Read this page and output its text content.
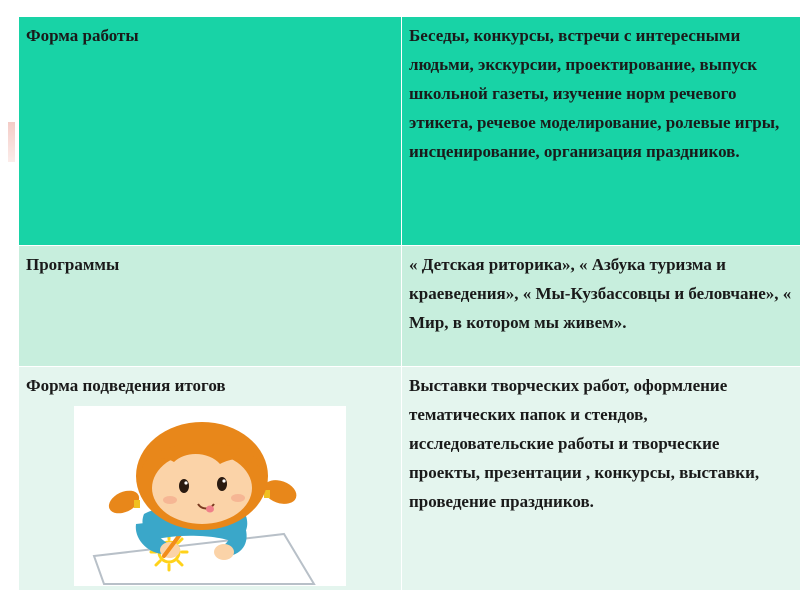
Форма работы	Беседы, конкурсы, встречи с интересными людьми, экскурсии, проектирование, выпуск школьной газеты, изучение норм речевого этикета, речевое моделирование, ролевые игры, инсценирование, организация праздников.

Программы	« Детская риторика», « Азбука туризма и краеведения», « Мы-Кузбассовцы и беловчане», « Мир, в котором мы живем».

Форма подведения итогов	Выставки творческих работ, оформление тематических папок и стендов, исследовательские работы и творческие проекты, презентации , конкурсы, выставки, проведение праздников.
